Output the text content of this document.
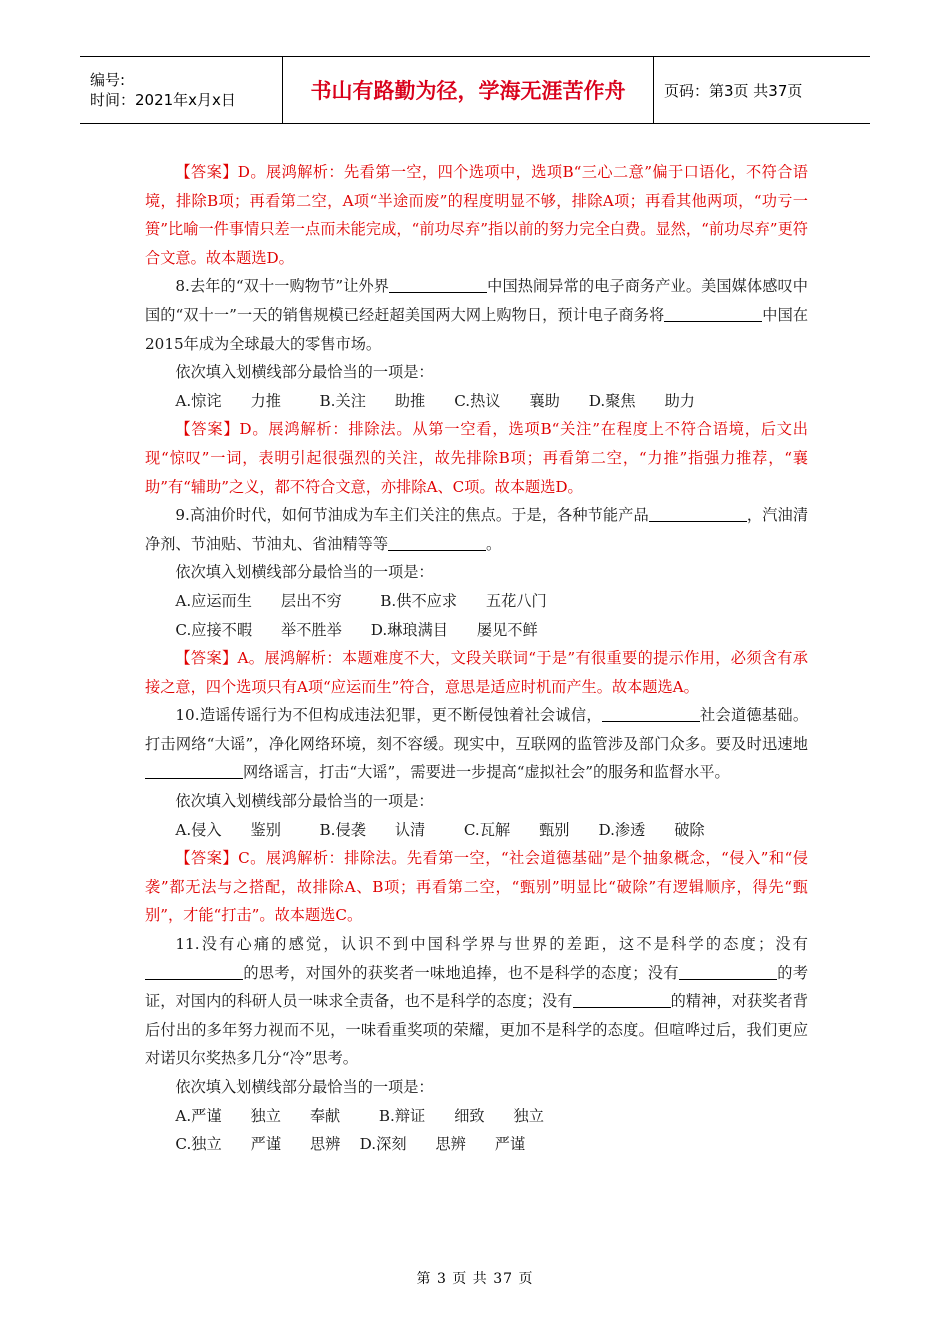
编号:
时间：2021年x月x日	书山有路勤为径，学海无涯苦作舟	页码：第3页 共37页

【答案】D。展鸿解析：先看第一空，四个选项中，选项B“三心二意”偏于口语化，不符合语境，排除B项；再看第二空，A项“半途而废”的程度明显不够，排除A项；再看其他两项，“功亏一篑”比喻一件事情只差一点而未能完成，“前功尽弃”指以前的努力完全白费。显然，“前功尽弃”更符合文意。故本题选D。

8.去年的“双十一购物节”让外界	中国热闹异常的电子商务产业。美国媒体感叹中国的“双十一”一天的销售规模已经赶超美国两大网上购物日，预计电子商务将	中国在2015年成为全球最大的零售市场。

依次填入划横线部分最恰当的一项是：

A.惊诧      力推        B.关注      助推      C.热议      襄助      D.聚焦      助力

【答案】D。展鸿解析：排除法。从第一空看，选项B“关注”在程度上不符合语境，后文出现“惊叹”一词，表明引起很强烈的关注，故先排除B项；再看第二空，“力推”指强力推荐，“襄助”有“辅助”之义，都不符合文意，亦排除A、C项。故本题选D。

9.高油价时代，如何节油成为车主们关注的焦点。于是，各种节能产品	，汽油清净剂、节油贴、节油丸、省油精等等	。

依次填入划横线部分最恰当的一项是：

A.应运而生      层出不穷        B.供不应求      五花八门

C.应接不暇      举不胜举      D.琳琅满目      屡见不鲜

【答案】A。展鸿解析：本题难度不大，文段关联词“于是”有很重要的提示作用，必须含有承接之意，四个选项只有A项“应运而生”符合，意思是适应时机而产生。故本题选A。

10.造谣传谣行为不但构成违法犯罪，更不断侵蚀着社会诚信，	社会道德基础。打击网络“大谣”，净化网络环境，刻不容缓。现实中，互联网的监管涉及部门众多。要及时迅速地网络谣言，打击“大谣”，需要进一步提高“虚拟社会”的服务和监督水平。

依次填入划横线部分最恰当的一项是：

A.侵入      鉴别        B.侵袭      认清        C.瓦解      甄别      D.渗透      破除

【答案】C。展鸿解析：排除法。先看第一空，“社会道德基础”是个抽象概念，“侵入”和“侵袭”都无法与之搭配，故排除A、B项；再看第二空，“甄别”明显比“破除”有逻辑顺序，得先“甄别”，才能“打击”。故本题选C。

11.没有心痛的感觉，认识不到中国科学界与世界的差距，这不是科学的态度；没有的思考，对国外的获奖者一味地追捧，也不是科学的态度；没有	的考证，对国内的科研人员一味求全责备，也不是科学的态度；没有	的精神，对获奖者背后付出的多年努力视而不见，一味看重奖项的荣耀，更加不是科学的态度。但喧哗过后，我们更应对诺贝尔奖热多几分“冷”思考。

依次填入划横线部分最恰当的一项是：

A.严谨      独立      奉献        B.辩证      细致      独立

C.独立      严谨      思辨    D.深刻      思辨      严谨

第 3 页 共 37 页
